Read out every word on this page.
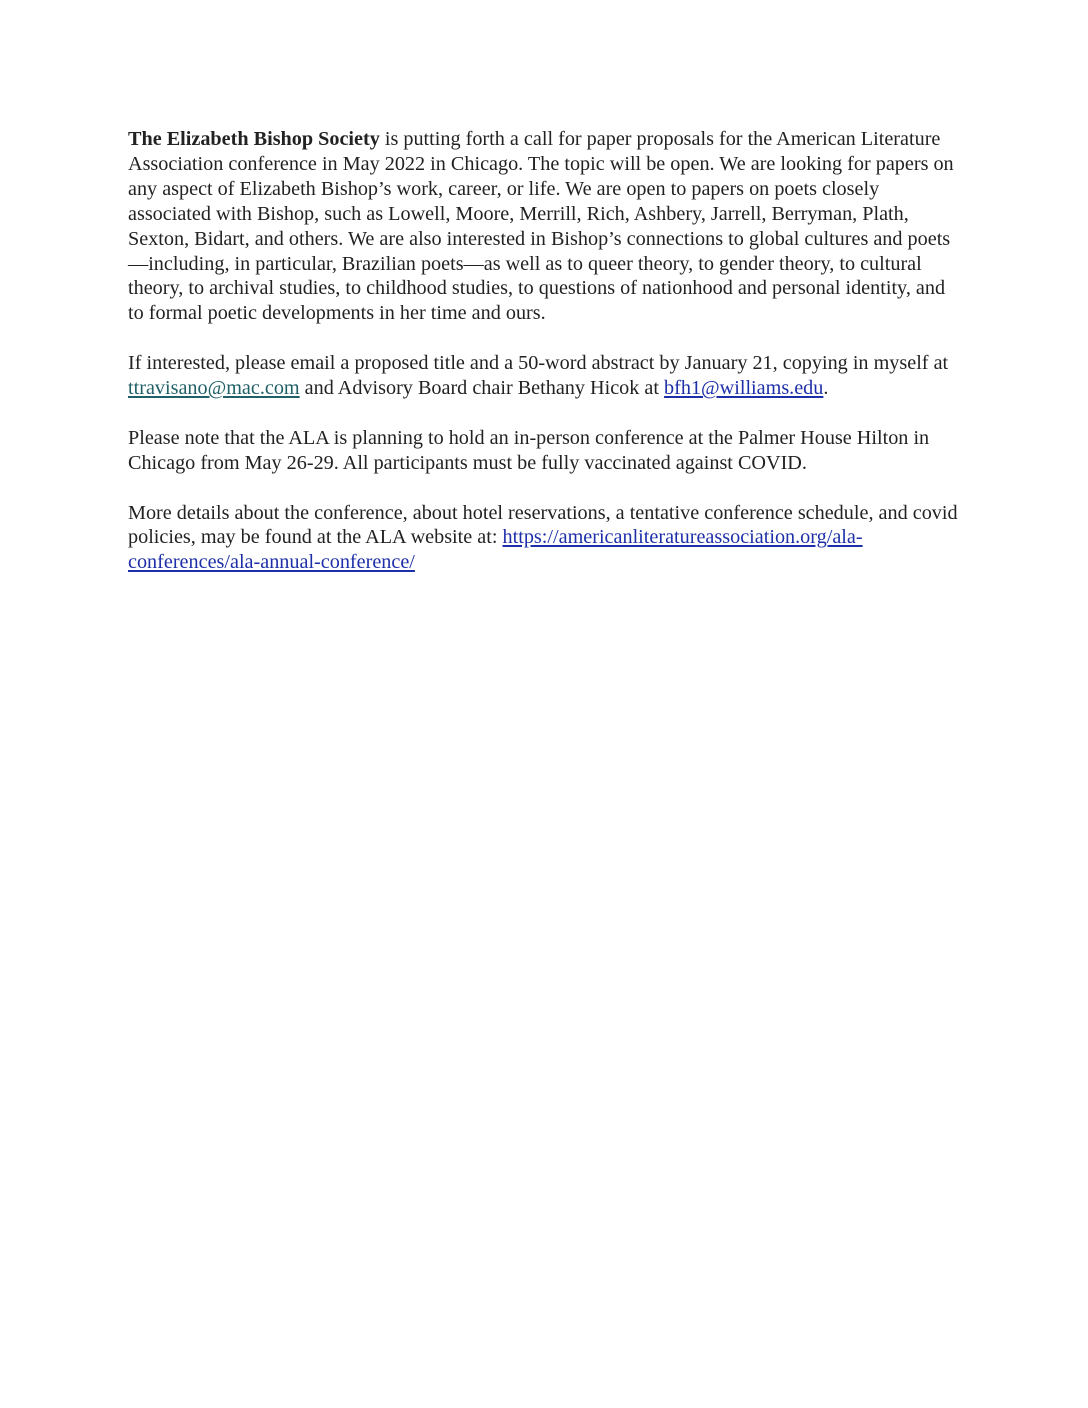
The Elizabeth Bishop Society is putting forth a call for paper proposals for the American Literature Association conference in May 2022 in Chicago. The topic will be open. We are looking for papers on any aspect of Elizabeth Bishop’s work, career, or life. We are open to papers on poets closely associated with Bishop, such as Lowell, Moore, Merrill, Rich, Ashbery, Jarrell, Berryman, Plath, Sexton, Bidart, and others. We are also interested in Bishop’s connections to global cultures and poets—including, in particular, Brazilian poets—as well as to queer theory, to gender theory, to cultural theory, to archival studies, to childhood studies, to questions of nationhood and personal identity, and to formal poetic developments in her time and ours.

If interested, please email a proposed title and a 50-word abstract by January 21, copying in myself at ttravisano@mac.com and Advisory Board chair Bethany Hicok at bfh1@williams.edu.

Please note that the ALA is planning to hold an in-person conference at the Palmer House Hilton in Chicago from May 26-29. All participants must be fully vaccinated against COVID.

More details about the conference, about hotel reservations, a tentative conference schedule, and covid policies, may be found at the ALA website at: https://americanliteratureassociation.org/ala-conferences/ala-annual-conference/
